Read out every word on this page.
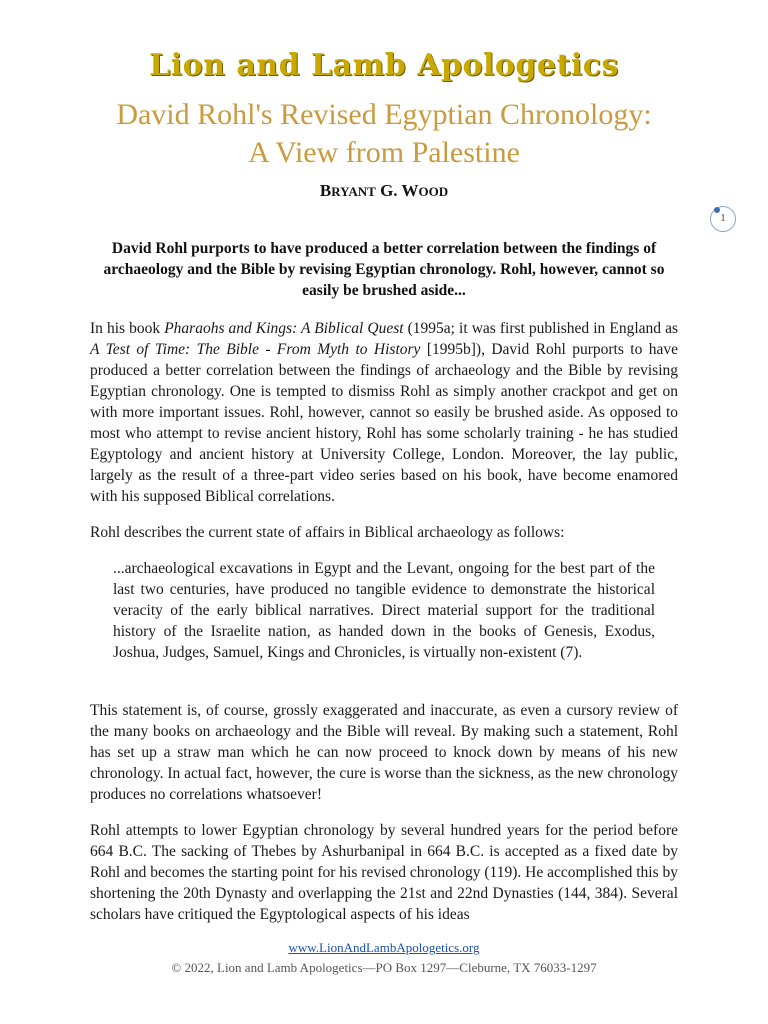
Lion and Lamb Apologetics
David Rohl's Revised Egyptian Chronology:
A View from Palestine
BRYANT G. WOOD
1
David Rohl purports to have produced a better correlation between the findings of archaeology and the Bible by revising Egyptian chronology. Rohl, however, cannot so easily be brushed aside...

In his book Pharaohs and Kings: A Biblical Quest (1995a; it was first published in England as A Test of Time: The Bible - From Myth to History [1995b]), David Rohl purports to have produced a better correlation between the findings of archaeology and the Bible by revising Egyptian chronology. One is tempted to dismiss Rohl as simply another crackpot and get on with more important issues. Rohl, however, cannot so easily be brushed aside. As opposed to most who attempt to revise ancient history, Rohl has some scholarly training - he has studied Egyptology and ancient history at University College, London. Moreover, the lay public, largely as the result of a three-part video series based on his book, have become enamored with his supposed Biblical correlations.

Rohl describes the current state of affairs in Biblical archaeology as follows:

...archaeological excavations in Egypt and the Levant, ongoing for the best part of the last two centuries, have produced no tangible evidence to demonstrate the historical veracity of the early biblical narratives. Direct material support for the traditional history of the Israelite nation, as handed down in the books of Genesis, Exodus, Joshua, Judges, Samuel, Kings and Chronicles, is virtually non-existent (7).

This statement is, of course, grossly exaggerated and inaccurate, as even a cursory review of the many books on archaeology and the Bible will reveal. By making such a statement, Rohl has set up a straw man which he can now proceed to knock down by means of his new chronology. In actual fact, however, the cure is worse than the sickness, as the new chronology produces no correlations whatsoever!

Rohl attempts to lower Egyptian chronology by several hundred years for the period before 664 B.C. The sacking of Thebes by Ashurbanipal in 664 B.C. is accepted as a fixed date by Rohl and becomes the starting point for his revised chronology (119). He accomplished this by shortening the 20th Dynasty and overlapping the 21st and 22nd Dynasties (144, 384). Several scholars have critiqued the Egyptological aspects of his ideas

www.LionAndLambApologetics.org
© 2022, Lion and Lamb Apologetics—PO Box 1297—Cleburne, TX 76033-1297
